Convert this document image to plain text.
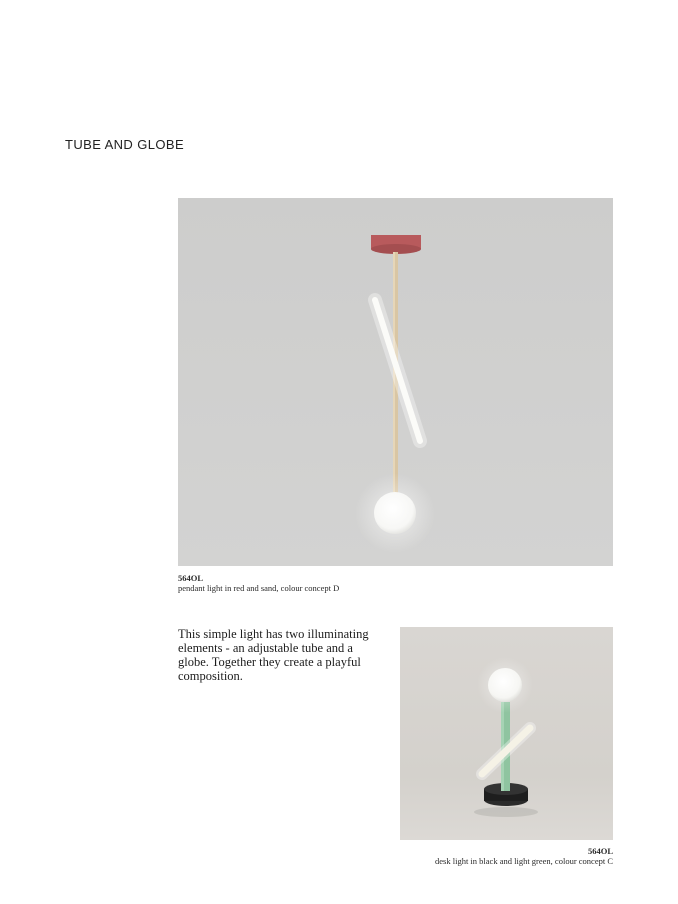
TUBE AND GLOBE
564OL
pendant light in red and sand, colour concept D
This simple light has two illuminating elements - an adjustable tube and a globe. Together they create a playful composition.
564OL
desk light in black and light green, colour concept C
